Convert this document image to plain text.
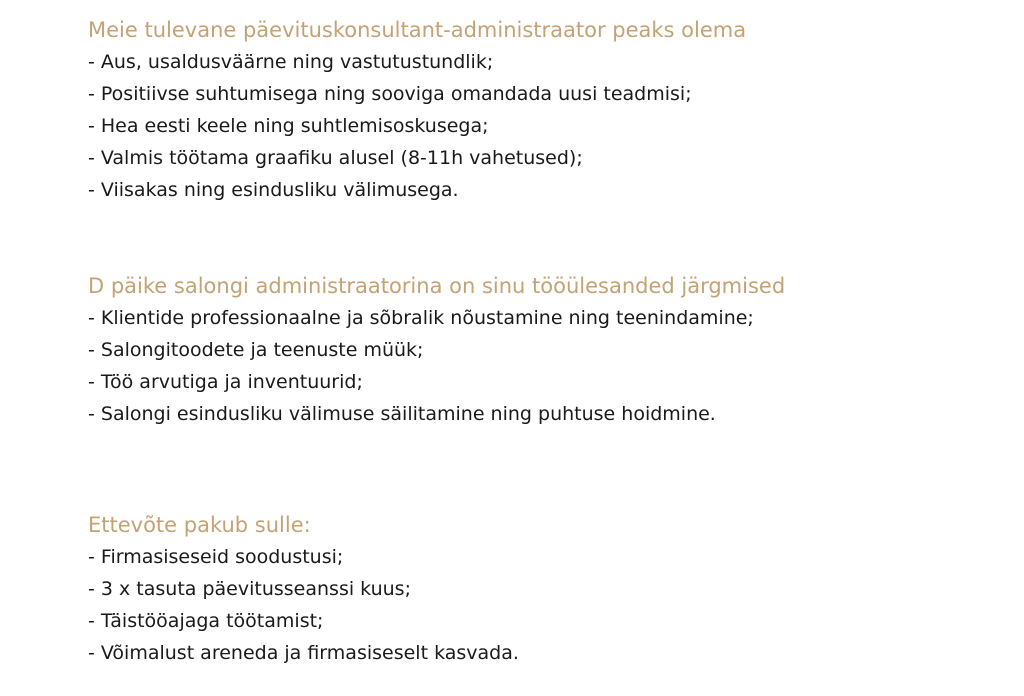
Meie tulevane päevituskonsultant-administraator peaks olema
- Aus, usaldusväärne ning vastutustundlik;
- Positiivse suhtumisega ning sooviga omandada uusi teadmisi;
- Hea eesti keele ning suhtlemisoskusega;
- Valmis töötama graafiku alusel (8-11h vahetused);
- Viisakas ning esindusliku välimusega.
D päike salongi administraatorina on sinu tööülesanded järgmised
- Klientide professionaalne ja sõbralik nõustamine ning teenindamine;
- Salongitoodete ja teenuste müük;
- Töö arvutiga ja inventuurid;
- Salongi esindusliku välimuse säilitamine ning puhtuse hoidmine.
Ettevõte pakub sulle:
- Firmasiseseid soodustusi;
- 3 x tasuta päevitusseanssi kuus;
- Täistööajaga töötamist;
- Võimalust areneda ja firmasiseselt kasvada.
